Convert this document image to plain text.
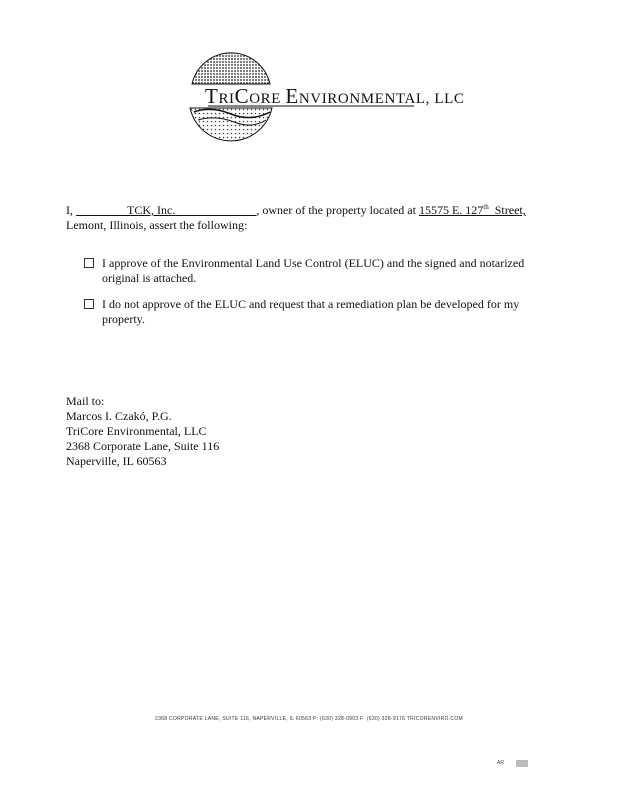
TRICORE ENVIRONMENTAL, LLC
I,	TCK, Inc.	, owner of the property located at 15575 E. 127th Street, Lemont, Illinois, assert the following:
I approve of the Environmental Land Use Control (ELUC) and the signed and notarized original is attached.
I do not approve of the ELUC and request that a remediation plan be developed for my property.
Mail to:
Marcos I. Czakó, P.G.
TriCore Environmental, LLC
2368 Corporate Lane, Suite 116
Naperville, IL 60563
2368 CORPORATE LANE, SUITE 116, NAPERVILLE, IL 60563 P: (630) 328-0903 F: (630) 328-9176 TRICORENVIRO.COM
AR
